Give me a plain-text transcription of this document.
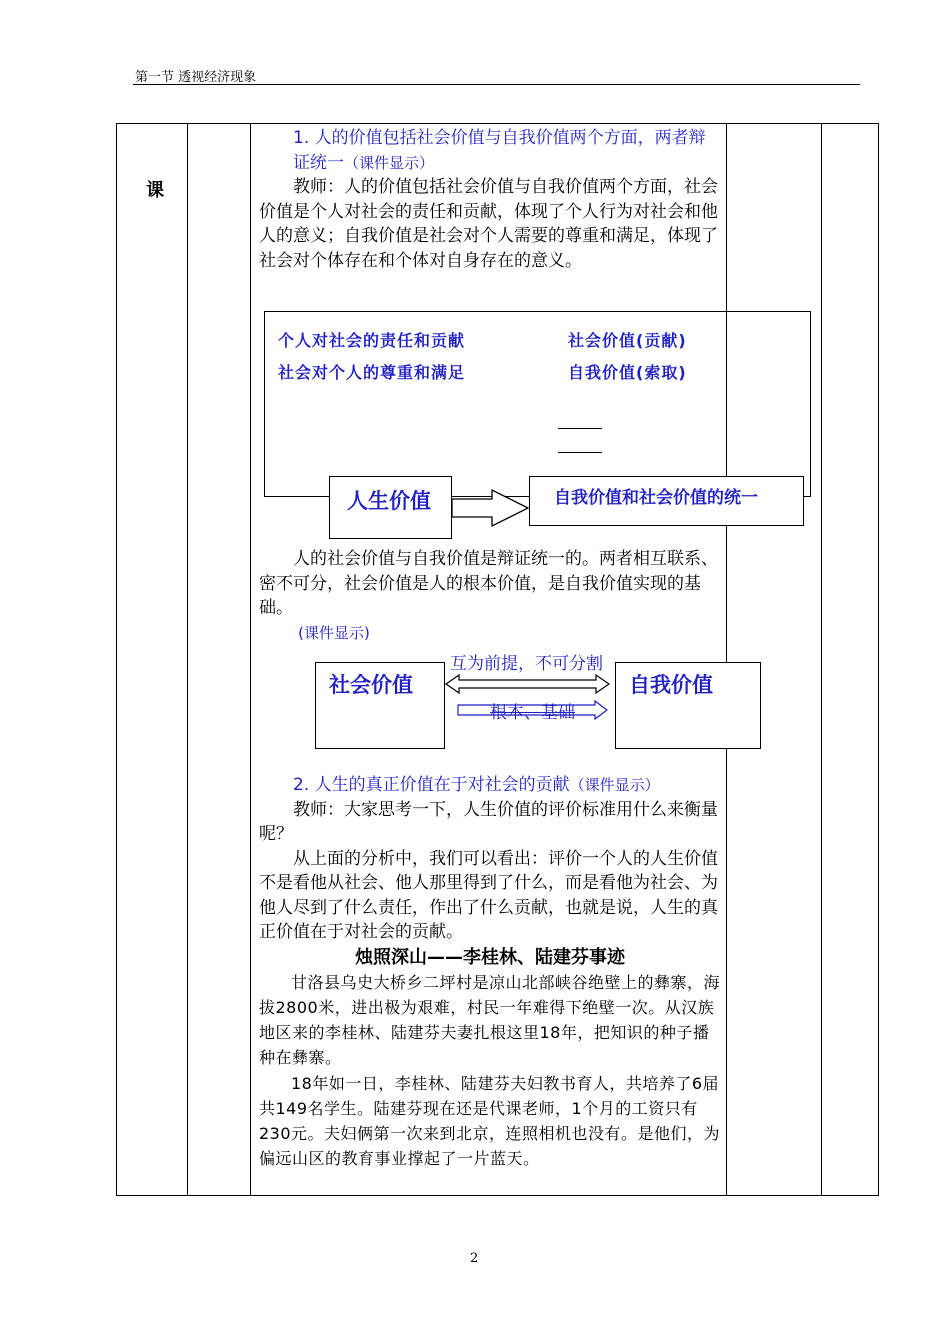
第一节 透视经济现象
课

1. 人的价值包括社会价值与自我价值两个方面，两者辩证统一（课件显示）

教师：人的价值包括社会价值与自我价值两个方面，社会价值是个人对社会的责任和贡献，体现了个人行为对社会和他人的意义；自我价值是社会对个人需要的尊重和满足，体现了社会对个体存在和个体对自身存在的意义。

个人对社会的责任和贡献	社会价值(贡献)
社会对个人的尊重和满足	自我价值(索取)
人生价值	自我价值和社会价值的统一

人的社会价值与自我价值是辩证统一的。两者相互联系、密不可分，社会价值是人的根本价值，是自我价值实现的基础。

(课件显示)

社会价值
互为前提，不可分割
根本、基础
自我价值

2. 人生的真正价值在于对社会的贡献（课件显示）

教师：大家思考一下，人生价值的评价标准用什么来衡量呢？

从上面的分析中，我们可以看出：评价一个人的人生价值不是看他从社会、他人那里得到了什么，而是看他为社会、为他人尽到了什么责任，作出了什么贡献，也就是说，人生的真正价值在于对社会的贡献。

烛照深山——李桂林、陆建芬事迹

甘洛县乌史大桥乡二坪村是凉山北部峡谷绝壁上的彝寨，海拔2800米，进出极为艰难，村民一年难得下绝壁一次。从汉族地区来的李桂林、陆建芬夫妻扎根这里18年，把知识的种子播种在彝寨。

18年如一日，李桂林、陆建芬夫妇教书育人，共培养了6届共149名学生。陆建芬现在还是代课老师，1个月的工资只有230元。夫妇俩第一次来到北京，连照相机也没有。是他们，为偏远山区的教育事业撑起了一片蓝天。

2
